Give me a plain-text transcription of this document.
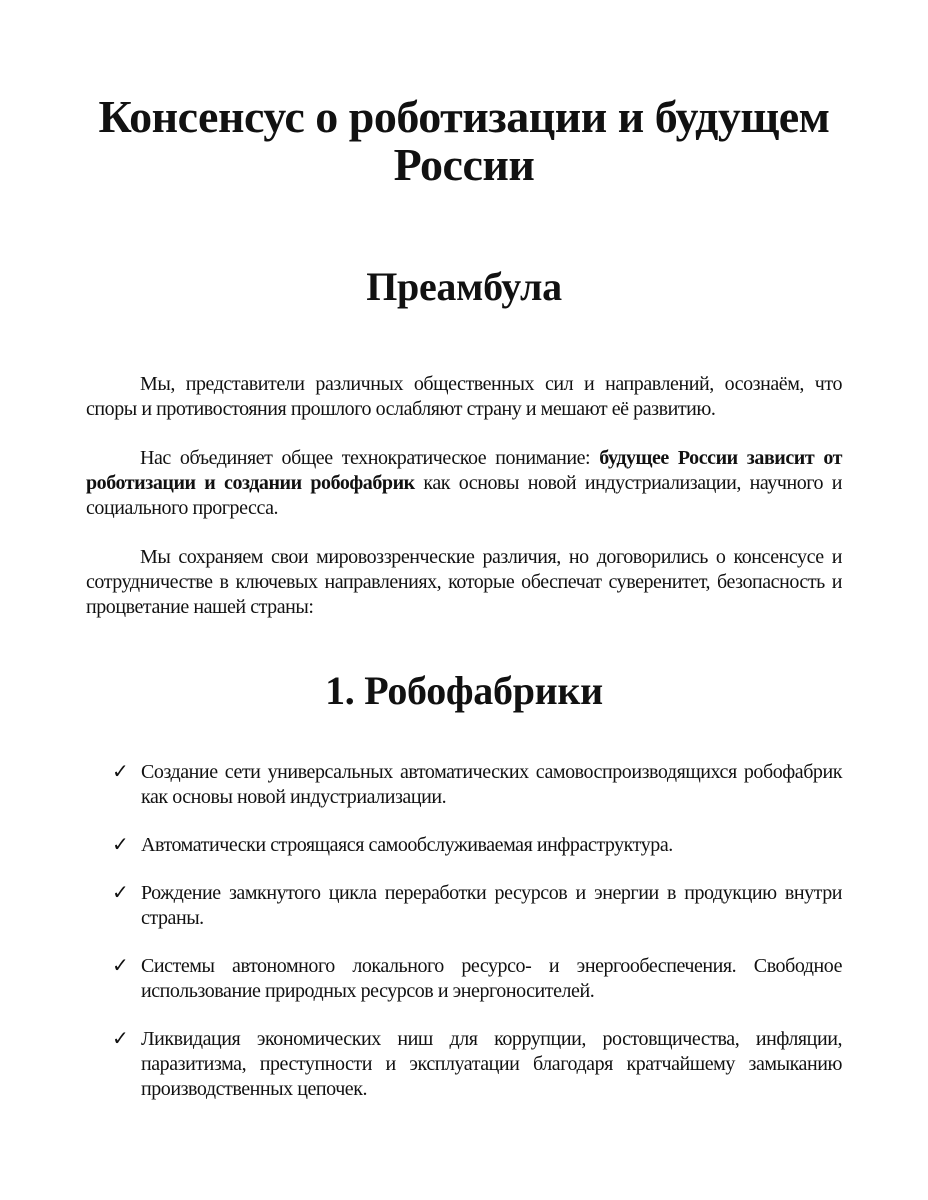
Консенсус о роботизации и будущем России
Преамбула

Мы, представители различных общественных сил и направлений, осознаём, что споры и противостояния прошлого ослабляют страну и мешают её развитию.

Нас объединяет общее технократическое понимание: будущее России зависит от роботизации и создании робофабрик как основы новой индустриализации, научного и социального прогресса.

Мы сохраняем свои мировоззренческие различия, но договорились о консенсусе и сотрудничестве в ключевых направлениях, которые обеспечат суверенитет, безопасность и процветание нашей страны:

1. Робофабрики
✓ Создание сети универсальных автоматических самовоспроизводящихся робофабрик как основы новой индустриализации.
✓ Автоматически строящаяся самообслуживаемая инфраструктура.
✓ Рождение замкнутого цикла переработки ресурсов и энергии в продукцию внутри страны.
✓ Системы автономного локального ресурсо- и энергообеспечения. Свободное использование природных ресурсов и энергоносителей.
✓ Ликвидация экономических ниш для коррупции, ростовщичества, инфляции, паразитизма, преступности и эксплуатации благодаря кратчайшему замыканию производственных цепочек.
